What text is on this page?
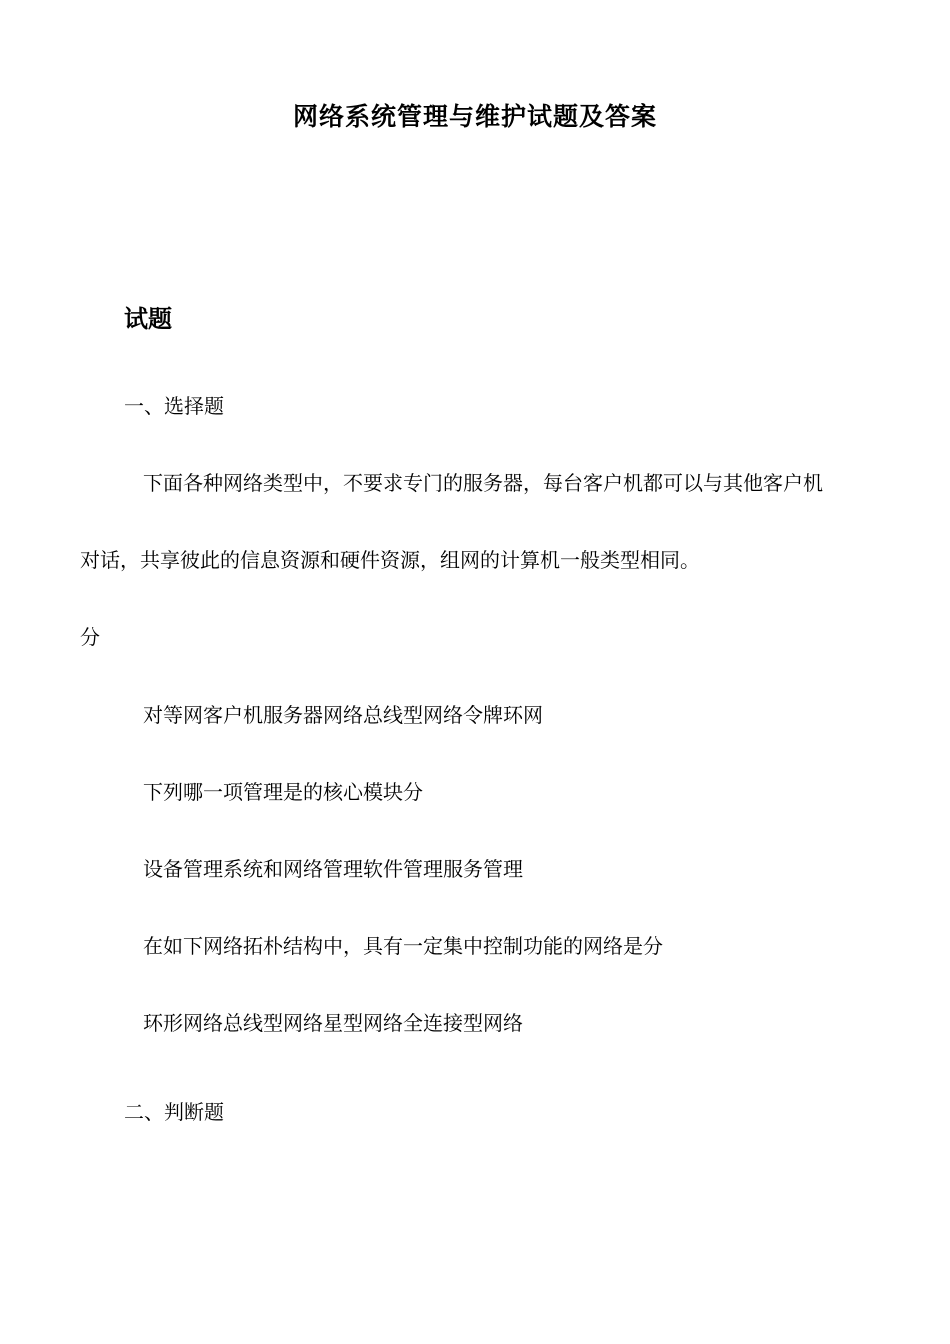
网络系统管理与维护试题及答案
试题
一、选择题
下面各种网络类型中，不要求专门的服务器，每台客户机都可以与其他客户机
对话，共享彼此的信息资源和硬件资源，组网的计算机一般类型相同。
分
对等网客户机服务器网络总线型网络令牌环网
下列哪一项管理是的核心模块分
设备管理系统和网络管理软件管理服务管理
在如下网络拓朴结构中，具有一定集中控制功能的网络是分
环形网络总线型网络星型网络全连接型网络
二、判断题
